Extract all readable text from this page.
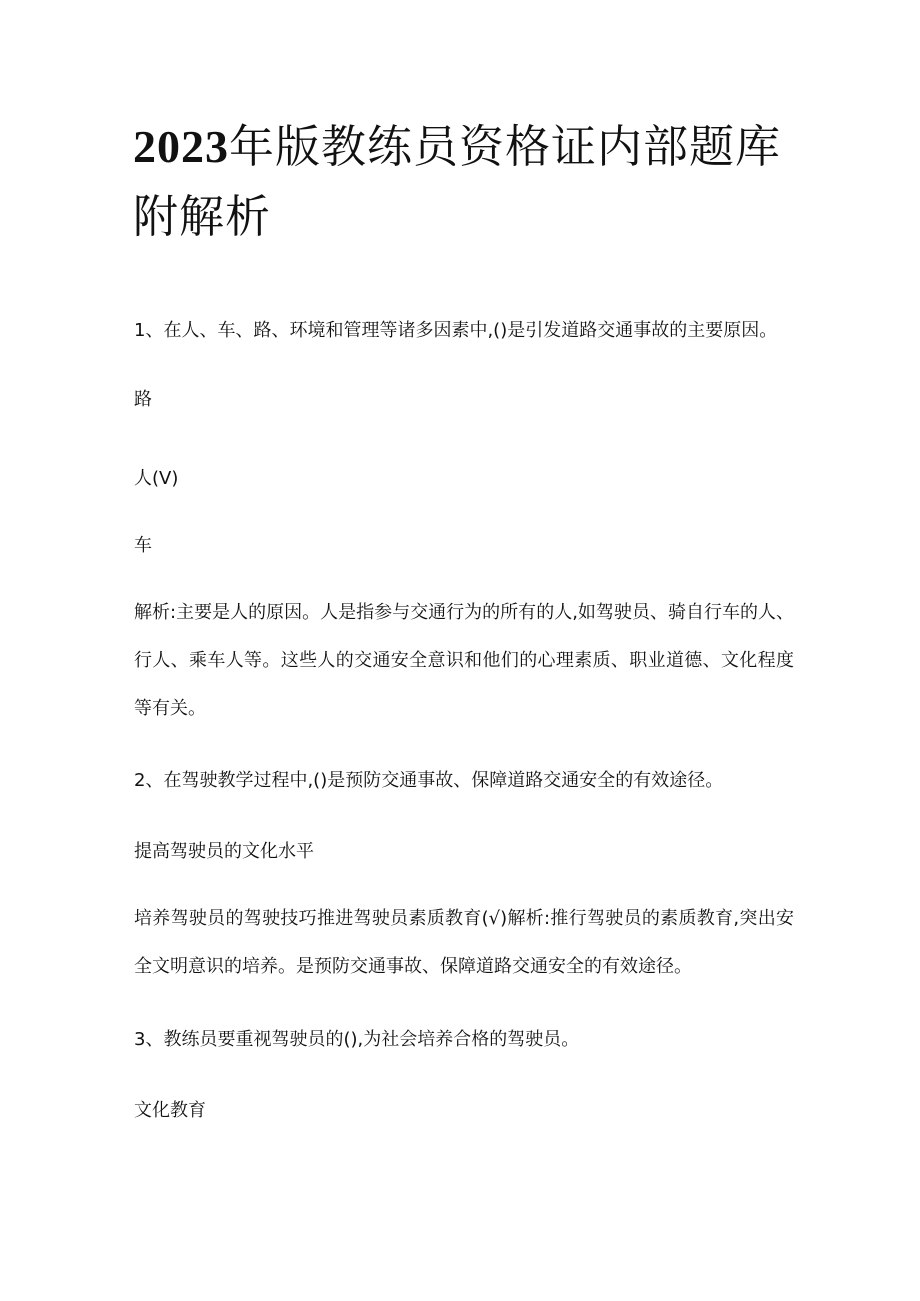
2023年版教练员资格证内部题库附解析

1、在人、车、路、环境和管理等诸多因素中,()是引发道路交通事故的主要原因。

路

人(V)

车

解析:主要是人的原因。人是指参与交通行为的所有的人,如驾驶员、骑自行车的人、行人、乘车人等。这些人的交通安全意识和他们的心理素质、职业道德、文化程度等有关。

2、在驾驶教学过程中,()是预防交通事故、保障道路交通安全的有效途径。

提高驾驶员的文化水平

培养驾驶员的驾驶技巧推进驾驶员素质教育(√)解析:推行驾驶员的素质教育,突出安全文明意识的培养。是预防交通事故、保障道路交通安全的有效途径。

3、教练员要重视驾驶员的(),为社会培养合格的驾驶员。

文化教育
